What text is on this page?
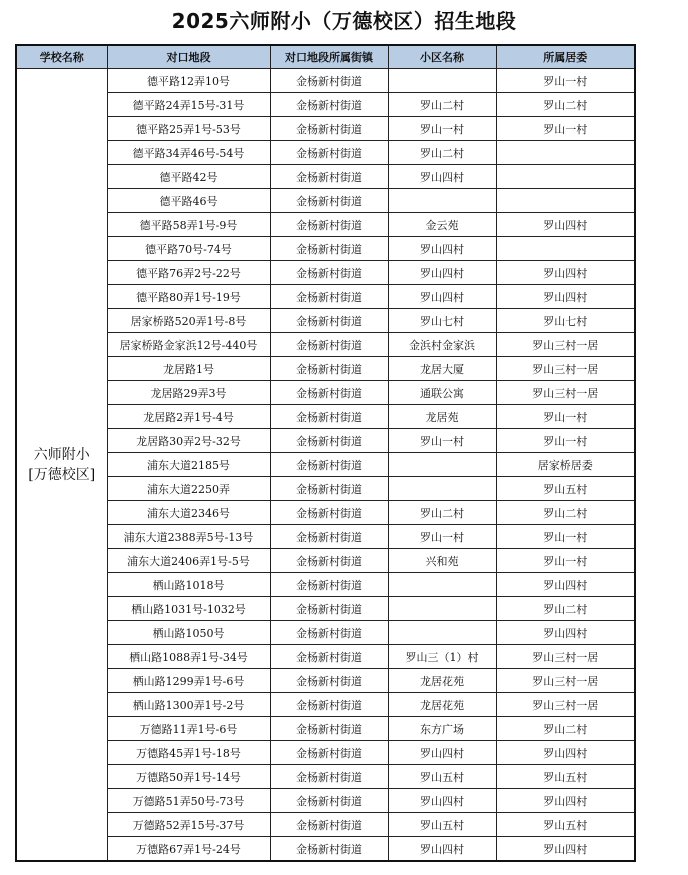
2025六师附小（万德校区）招生地段
学校名称	对口地段	对口地段所属街镇	小区名称	所属居委

六师附小
[万德校区]	德平路12弄10号	金杨新村街道		罗山一村
	德平路24弄15号-31号	金杨新村街道	罗山二村	罗山二村
	德平路25弄1号-53号	金杨新村街道	罗山一村	罗山一村
	德平路34弄46号-54号	金杨新村街道	罗山二村	
	德平路42号	金杨新村街道	罗山四村	
	德平路46号	金杨新村街道		
	德平路58弄1号-9号	金杨新村街道	金云苑	罗山四村
	德平路70号-74号	金杨新村街道	罗山四村	
	德平路76弄2号-22号	金杨新村街道	罗山四村	罗山四村
	德平路80弄1号-19号	金杨新村街道	罗山四村	罗山四村
	居家桥路520弄1号-8号	金杨新村街道	罗山七村	罗山七村
	居家桥路金家浜12号-440号	金杨新村街道	金浜村金家浜	罗山三村一居
	龙居路1号	金杨新村街道	龙居大厦	罗山三村一居
	龙居路29弄3号	金杨新村街道	通联公寓	罗山三村一居
	龙居路2弄1号-4号	金杨新村街道	龙居苑	罗山一村
	龙居路30弄2号-32号	金杨新村街道	罗山一村	罗山一村
	浦东大道2185号	金杨新村街道		居家桥居委
	浦东大道2250弄	金杨新村街道		罗山五村
	浦东大道2346号	金杨新村街道	罗山二村	罗山二村
	浦东大道2388弄5号-13号	金杨新村街道	罗山一村	罗山一村
	浦东大道2406弄1号-5号	金杨新村街道	兴和苑	罗山一村
	栖山路1018号	金杨新村街道		罗山四村
	栖山路1031号-1032号	金杨新村街道		罗山二村
	栖山路1050号	金杨新村街道		罗山四村
	栖山路1088弄1号-34号	金杨新村街道	罗山三（1）村	罗山三村一居
	栖山路1299弄1号-6号	金杨新村街道	龙居花苑	罗山三村一居
	栖山路1300弄1号-2号	金杨新村街道	龙居花苑	罗山三村一居
	万德路11弄1号-6号	金杨新村街道	东方广场	罗山二村
	万德路45弄1号-18号	金杨新村街道	罗山四村	罗山四村
	万德路50弄1号-14号	金杨新村街道	罗山五村	罗山五村
	万德路51弄50号-73号	金杨新村街道	罗山四村	罗山四村
	万德路52弄15号-37号	金杨新村街道	罗山五村	罗山五村
	万德路67弄1号-24号	金杨新村街道	罗山四村	罗山四村
